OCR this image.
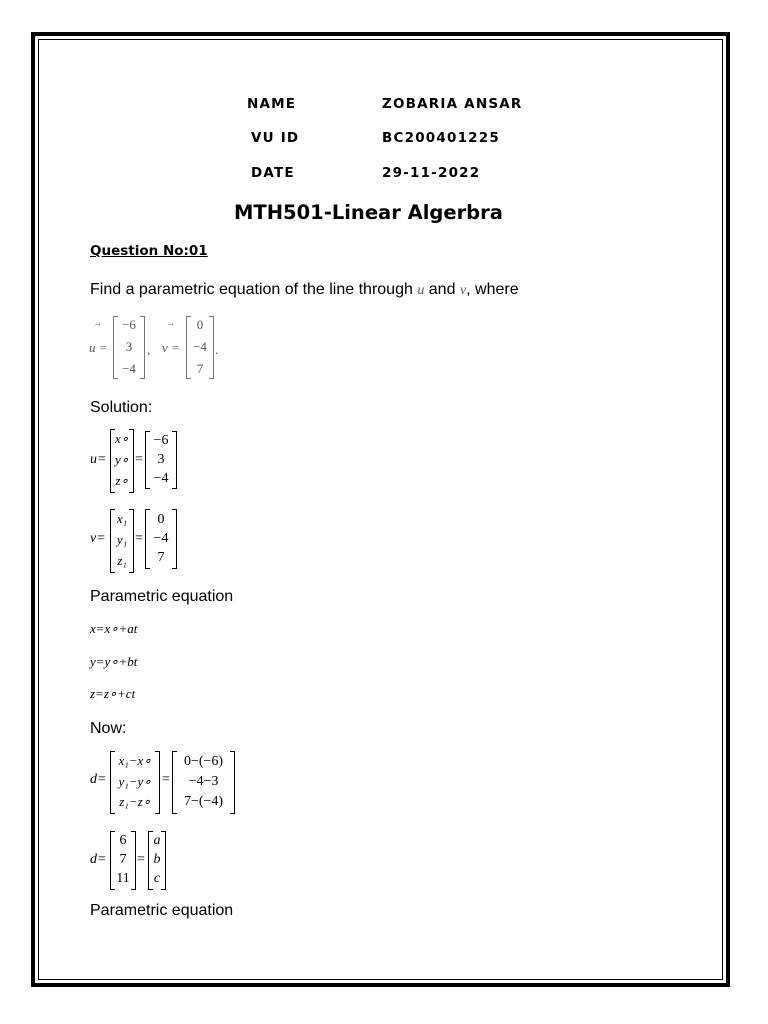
NAME	ZOBARIA ANSAR
VU ID	BC200401225
DATE	29-11-2022
MTH501-Linear Algerbra
Question No:01
Find a parametric equation of the line through u and v, where
→
u =
−6
3
−4
,
→
v =
0
−4
7
.
Solution:
u=
x∘
y∘
z∘
=
−6
3
−4
v=
x₁
y₁
z₁
=
0
−4
7
Parametric equation
x=x∘+at
y=y∘+bt
z=z∘+ct
Now:
d=
x₁−x∘
y₁−y∘
z₁−z∘
=
0−(−6)
−4−3
7−(−4)
d=
6
7
11
=
a
b
c
Parametric equation
